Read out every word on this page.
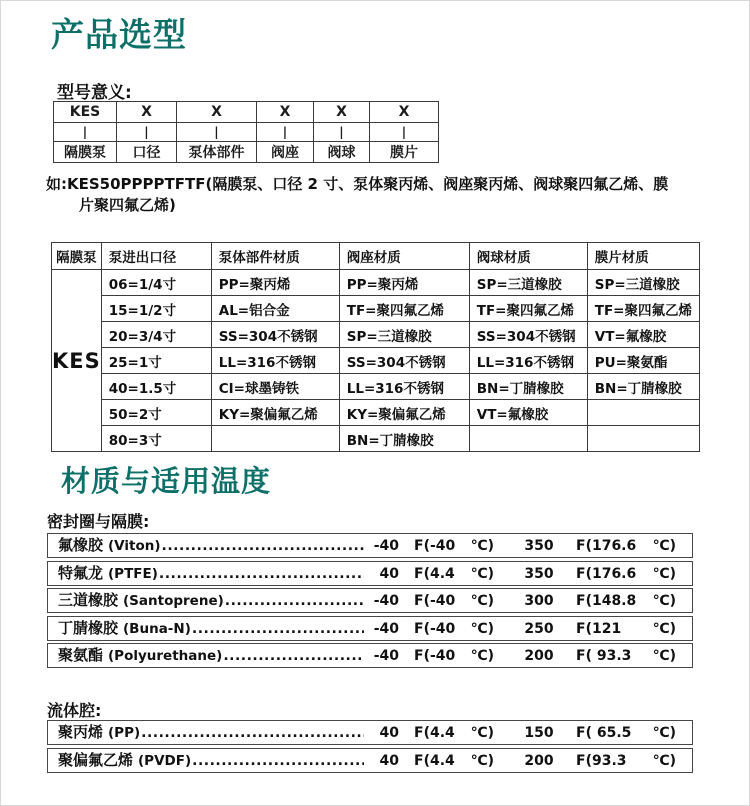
产品选型

型号意义:

KES	X	X	X	X	X
|	|	|	|	|	|
隔膜泵	口径	泵体部件	阀座	阀球	膜片

如:KES50PPPPTFTF(隔膜泵、口径 2 寸、泵体聚丙烯、阀座聚丙烯、阀球聚四氟乙烯、膜
片聚四氟乙烯)

隔膜泵	泵进出口径	泵体部件材质	阀座材质	阀球材质	膜片材质
KES	06=1/4寸	PP=聚丙烯	PP=聚丙烯	SP=三道橡胶	SP=三道橡胶
	15=1/2寸	AL=铝合金	TF=聚四氟乙烯	TF=聚四氟乙烯	TF=聚四氟乙烯
	20=3/4寸	SS=304不锈钢	SP=三道橡胶	SS=304不锈钢	VT=氟橡胶
	25=1寸	LL=316不锈钢	SS=304不锈钢	LL=316不锈钢	PU=聚氨酯
	40=1.5寸	CI=球墨铸铁	LL=316不锈钢	BN=丁腈橡胶	BN=丁腈橡胶
	50=2寸	KY=聚偏氟乙烯	KY=聚偏氟乙烯	VT=氟橡胶	
	80=3寸		BN=丁腈橡胶		
材质与适用温度

密封圈与隔膜:

氟橡胶 (Viton) .....	-40 F(-40 ℃)	350	F(176.6 ℃)
特氟龙 (PTFE) .....	40 F(4.4 ℃)	350	F(176.6 ℃)
三道橡胶 (Santoprene) .....	-40 F(-40 ℃)	300	F(148.8 ℃)
丁腈橡胶 (Buna-N) .....	-40 F(-40 ℃)	250	F(121 ℃)
聚氨酯 (Polyurethane) .....	-40 F(-40 ℃)	200	F( 93.3 ℃)

流体腔:

聚丙烯 (PP) .....	40 F(4.4 ℃)	150	F( 65.5 ℃)
聚偏氟乙烯 (PVDF) .....	40 F(4.4 ℃)	200	F(93.3 ℃)
